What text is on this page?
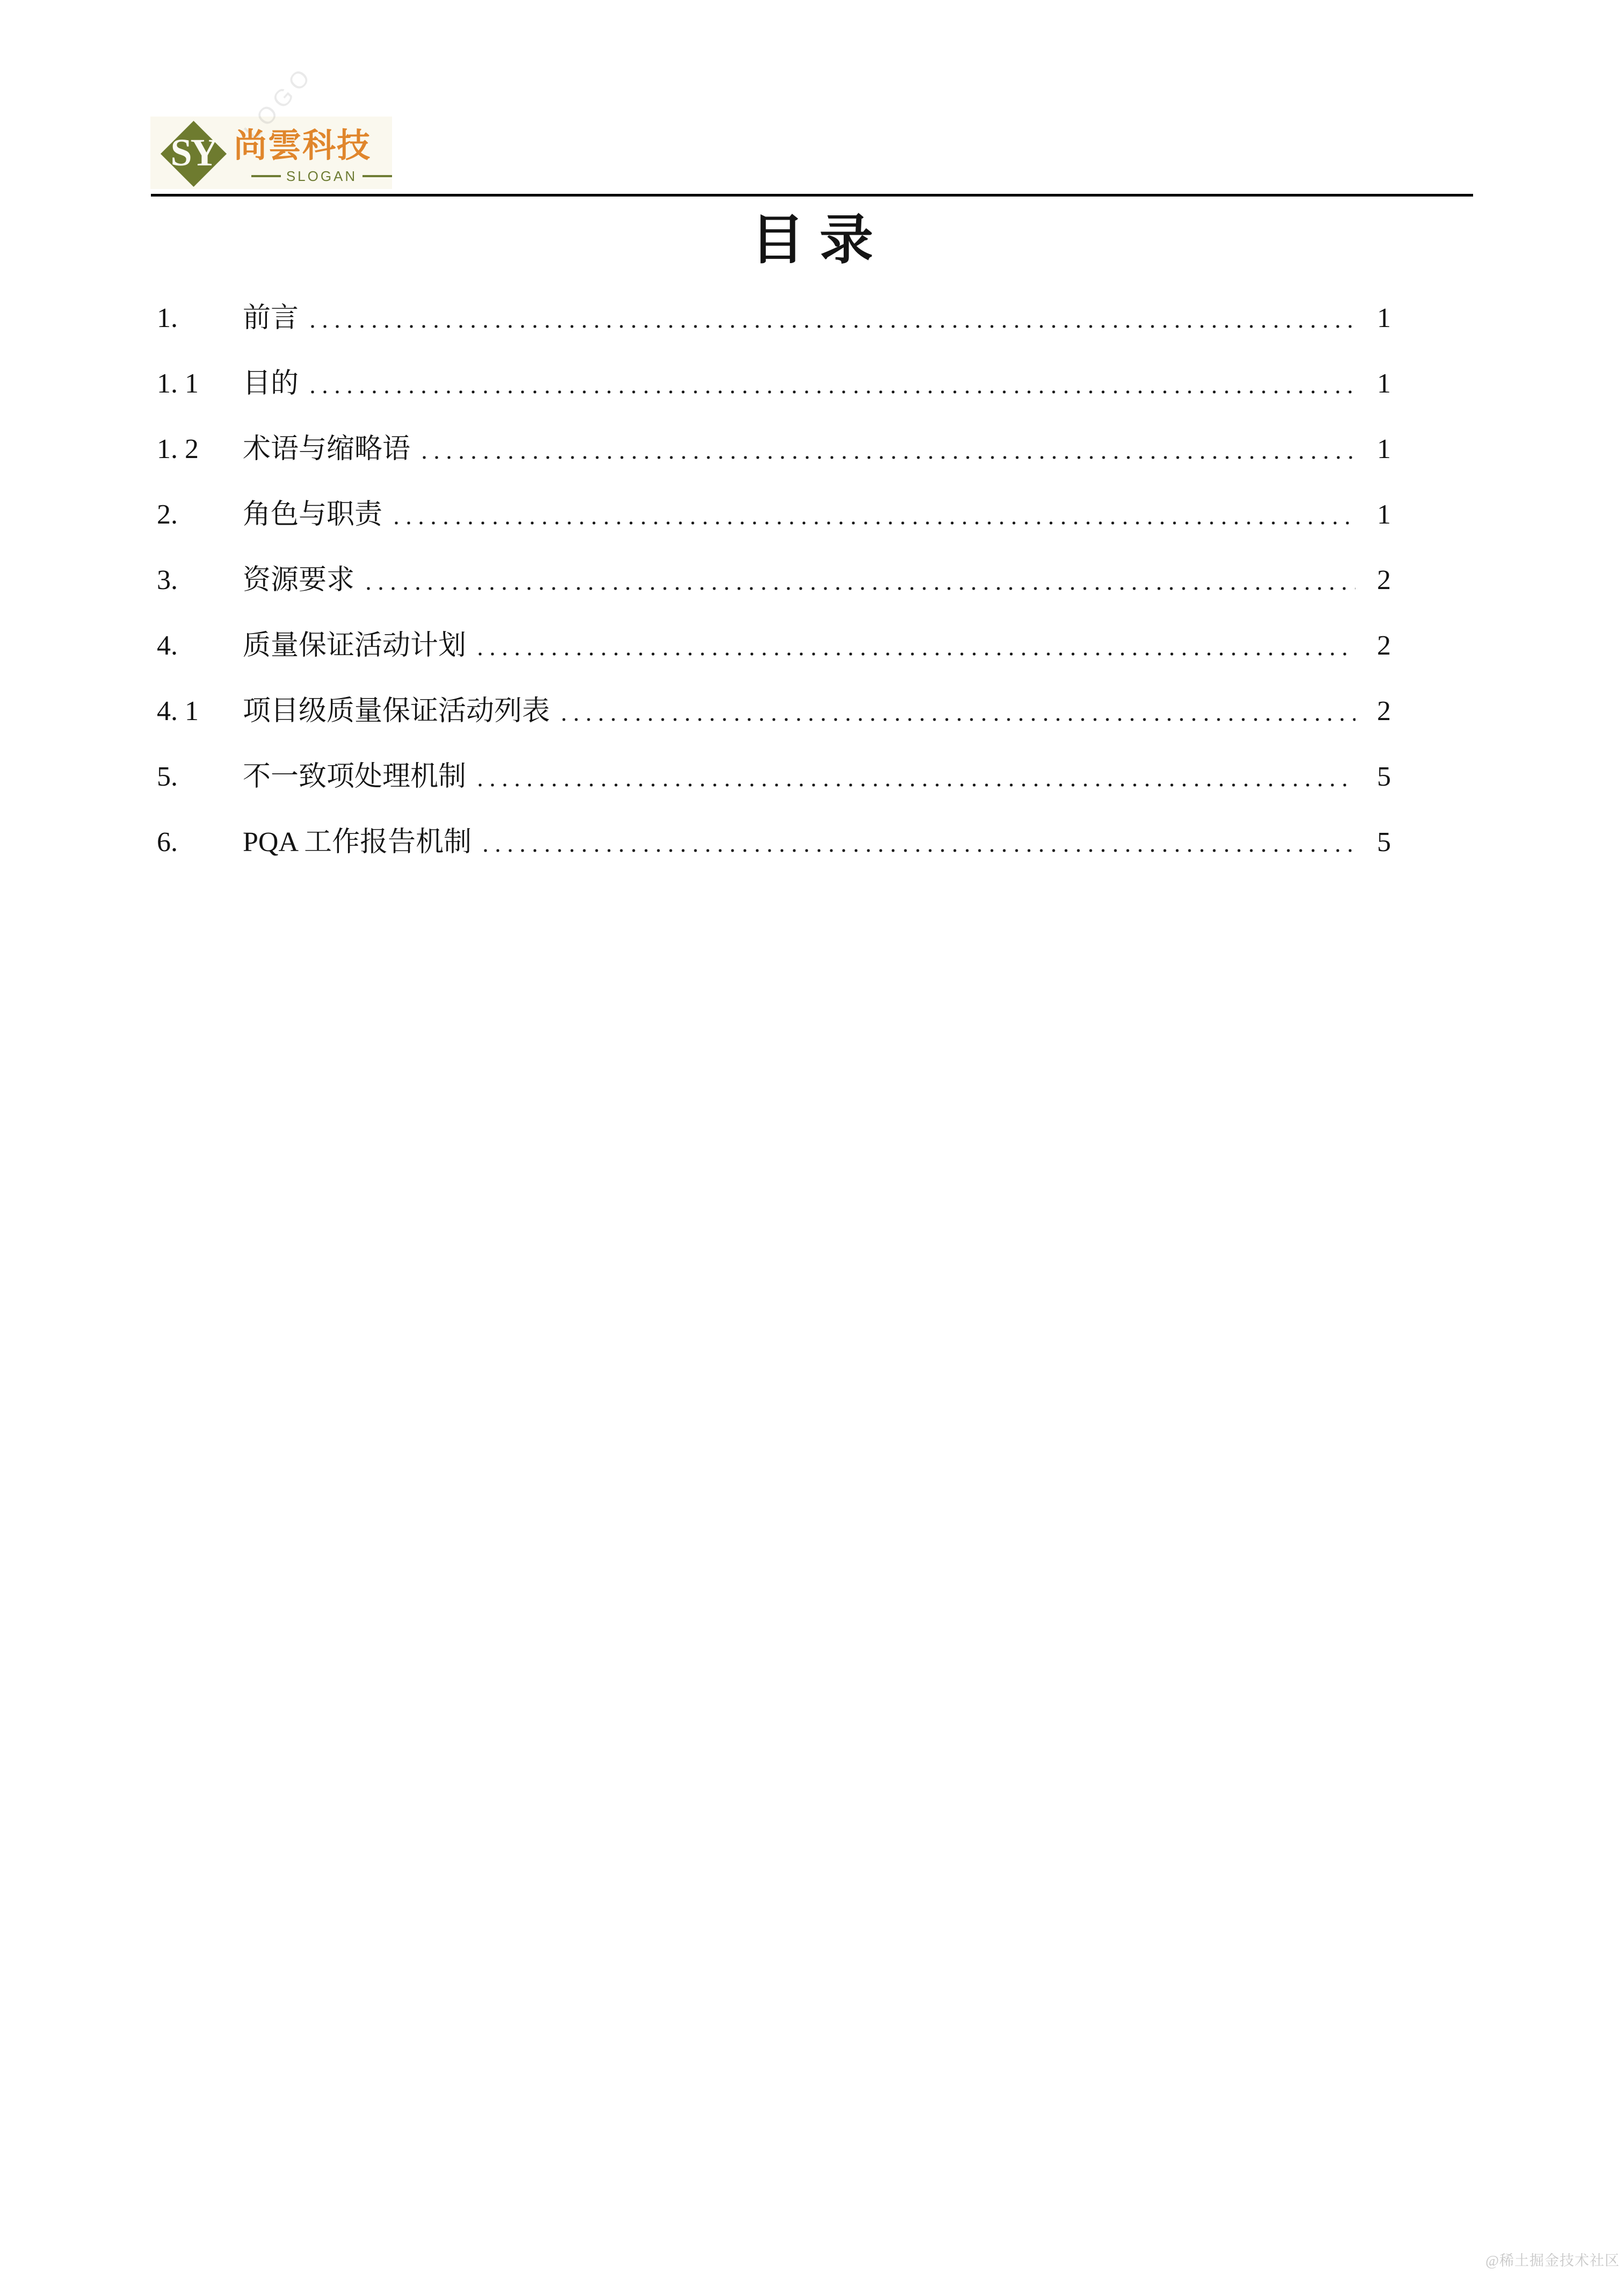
LOGO
SY 尚雲科技
SLOGAN
目录
1.	前言	1
1. 1	目的	1
1. 2	术语与缩略语	1
2.	角色与职责	1
3.	资源要求	2
4.	质量保证活动计划	2
4. 1	项目级质量保证活动列表	2
5.	不一致项处理机制	5
6.	PQA 工作报告机制	5
@稀土掘金技术社区
